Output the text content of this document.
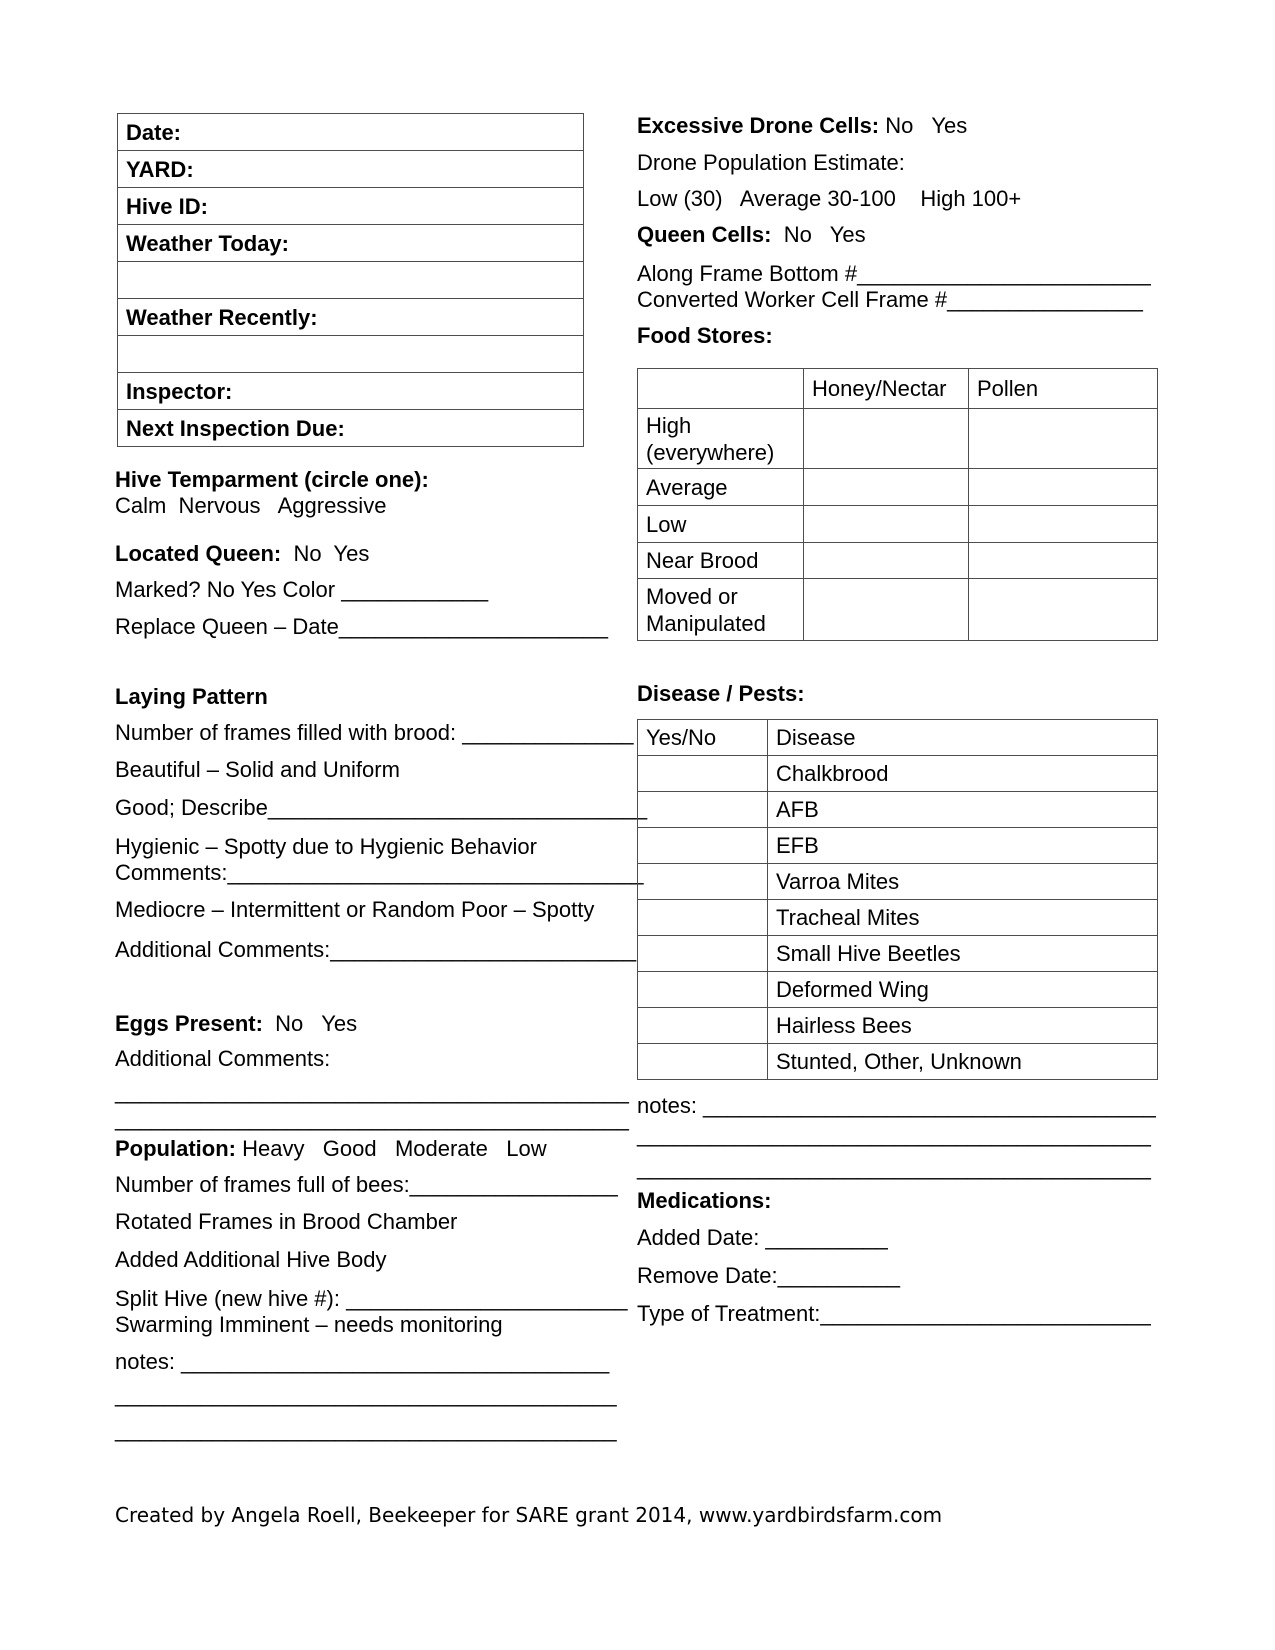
Date:
YARD:
Hive ID:
Weather Today:

Weather Recently:

Inspector:
Next Inspection Due:

Hive Temparment (circle one):

Calm  Nervous   Aggressive

Located Queen:  No  Yes

Marked? No Yes Color ____________

Replace Queen – Date______________________

Laying Pattern

Number of frames filled with brood: ______________

Beautiful – Solid and Uniform

Good; Describe_______________________________

Hygienic – Spotty due to Hygienic Behavior

Comments:__________________________________

Mediocre – Intermittent or Random Poor – Spotty

Additional Comments:_________________________

Eggs Present:  No   Yes

Additional Comments:

__________________________________________

__________________________________________

Population: Heavy   Good   Moderate   Low

Number of frames full of bees:_________________

Rotated Frames in Brood Chamber

Added Additional Hive Body

Split Hive (new hive #): _______________________

Swarming Imminent – needs monitoring

notes: ___________________________________

_________________________________________

_________________________________________

Excessive Drone Cells: No   Yes

Drone Population Estimate:

Low (30)   Average 30-100    High 100+

Queen Cells:  No   Yes

Along Frame Bottom #________________________

Converted Worker Cell Frame #________________

Food Stores:

	Honey/Nectar	Pollen
High (everywhere)		
Average		
Low		
Near Brood		
Moved or Manipulated		

Disease / Pests:

Yes/No	Disease
	Chalkbrood
	AFB
	EFB
	Varroa Mites
	Tracheal Mites
	Small Hive Beetles
	Deformed Wing
	Hairless Bees
	Stunted, Other, Unknown

notes: _____________________________________

__________________________________________

__________________________________________

Medications:

Added Date: __________

Remove Date:__________

Type of Treatment:___________________________

Created by Angela Roell, Beekeeper for SARE grant 2014, www.yardbirdsfarm.com
